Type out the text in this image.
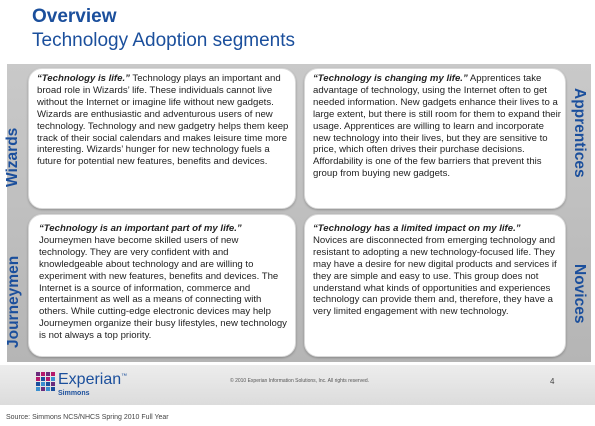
Overview
Technology Adoption segments
“Technology is life.” Technology plays an important and broad role in Wizards’ life. These individuals cannot live without the Internet or imagine life without new gadgets. Wizards are enthusiastic and adventurous users of new technology. Technology and new gadgetry helps them keep track of their social calendars and makes leisure time more interesting. Wizards’ hunger for new technology fuels a future for potential new features, benefits and devices.
“Technology is changing my life.” Apprentices take advantage of technology, using the Internet often to get needed information. New gadgets enhance their lives to a large extent, but there is still room for them to expand their usage. Apprentices are willing to learn and incorporate new technology into their lives, but they are sensitive to price, which often drives their purchase decisions. Affordability is one of the few barriers that prevent this group from buying new gadgets.
“Technology is an important part of my life.”
Journeymen have become skilled users of new technology. They are very confident with and knowledgeable about technology and are willing to experiment with new features, benefits and devices. The Internet is a source of information, commerce and entertainment as well as a means of connecting with others. While cutting-edge electronic devices may help Journeymen organize their busy lifestyles, new technology is not always a top priority.
“Technology has a limited impact on my life.”
Novices are disconnected from emerging technology and resistant to adopting a new technology-focused life. They may have a desire for new digital products and services if they are simple and easy to use. This group does not understand what kinds of opportunities and experiences technology can provide them and, therefore, they have a very limited engagement with new technology.
Wizards
Journeymen
Apprentices
Novices
Experian™
Simmons
© 2010 Experian Information Solutions, Inc. All rights reserved.	4
Source: Simmons NCS/NHCS Spring 2010 Full Year
